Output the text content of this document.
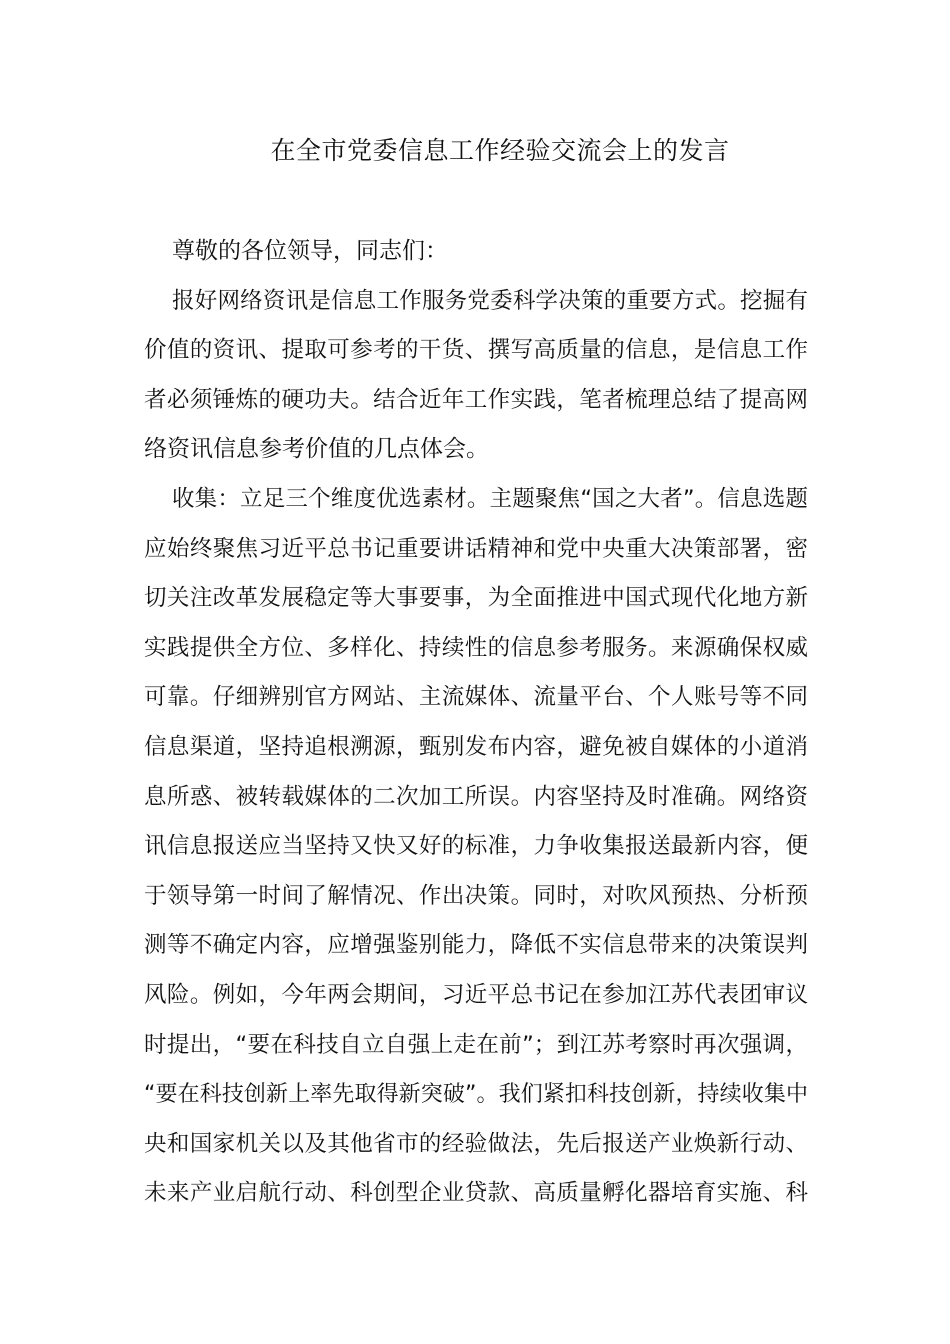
在全市党委信息工作经验交流会上的发言
尊敬的各位领导，同志们：
报好网络资讯是信息工作服务党委科学决策的重要方式。挖掘有
价值的资讯、提取可参考的干货、撰写高质量的信息，是信息工作
者必须锤炼的硬功夫。结合近年工作实践，笔者梳理总结了提高网
络资讯信息参考价值的几点体会。
收集：立足三个维度优选素材。主题聚焦“国之大者”。信息选题
应始终聚焦习近平总书记重要讲话精神和党中央重大决策部署，密
切关注改革发展稳定等大事要事，为全面推进中国式现代化地方新
实践提供全方位、多样化、持续性的信息参考服务。来源确保权威
可靠。仔细辨别官方网站、主流媒体、流量平台、个人账号等不同
信息渠道，坚持追根溯源，甄别发布内容，避免被自媒体的小道消
息所惑、被转载媒体的二次加工所误。内容坚持及时准确。网络资
讯信息报送应当坚持又快又好的标准，力争收集报送最新内容，便
于领导第一时间了解情况、作出决策。同时，对吹风预热、分析预
测等不确定内容，应增强鉴别能力，降低不实信息带来的决策误判
风险。例如，今年两会期间，习近平总书记在参加江苏代表团审议
时提出，“要在科技自立自强上走在前”；到江苏考察时再次强调，
“要在科技创新上率先取得新突破”。我们紧扣科技创新，持续收集中
央和国家机关以及其他省市的经验做法，先后报送产业焕新行动、
未来产业启航行动、科创型企业贷款、高质量孵化器培育实施、科
